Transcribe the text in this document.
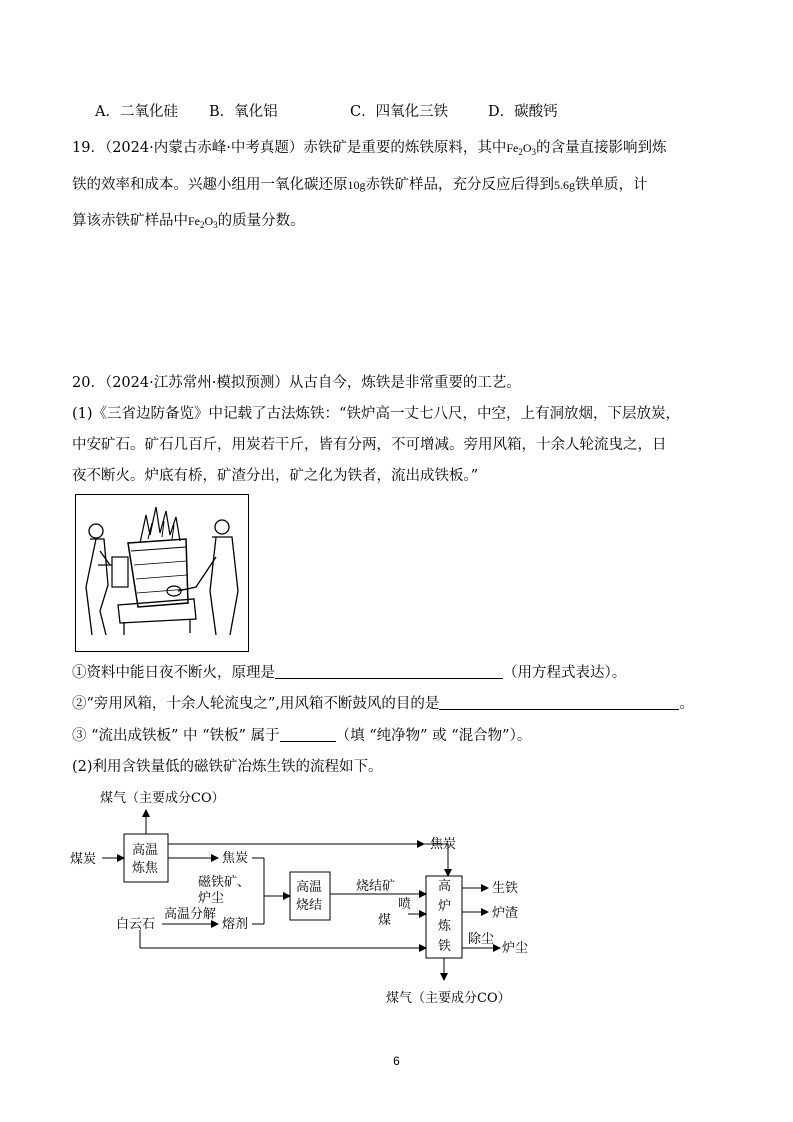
A．二氧化硅 B．氧化铝	C．四氧化三铁	D．碳酸钙
19．（2024·内蒙古赤峰·中考真题）赤铁矿是重要的炼铁原料，其中$Fe_2O_3$的含量直接影响到炼
铁的效率和成本。兴趣小组用一氧化碳还原10g赤铁矿样品，充分反应后得到5.6g铁单质，计
算该赤铁矿样品中$Fe_2O_3$的质量分数。
20．（2024·江苏常州·模拟预测）从古自今，炼铁是非常重要的工艺。
(1)《三省边防备览》中记载了古法炼铁：“铁炉高一丈七八尺，中空，上有洞放烟，下层放炭，
中安矿石。矿石几百斤，用炭若干斤，皆有分两，不可增减。旁用风箱，十余人轮流曳之，日
夜不断火。炉底有桥，矿渣分出，矿之化为铁者，流出成铁板。”
①资料中能日夜不断火，原理是	（用方程式表达）。
②“旁用风箱，十余人轮流曳之”,用风箱不断鼓风的目的是	。
③ “流出成铁板” 中 “铁板” 属于	（填 “纯净物” 或 “混合物”）。
(2)利用含铁量低的磁铁矿冶炼生铁的流程如下。
煤气（主要成分CO）
煤炭
高温
炼焦
焦炭
焦炭
磁铁矿、
炉尘
高温
烧结
烧结矿
喷
煤
高
炉
炼
铁
生铁
炉渣
除尘
炉尘
白云石
高温分解
熔剂
煤气（主要成分CO）
6
